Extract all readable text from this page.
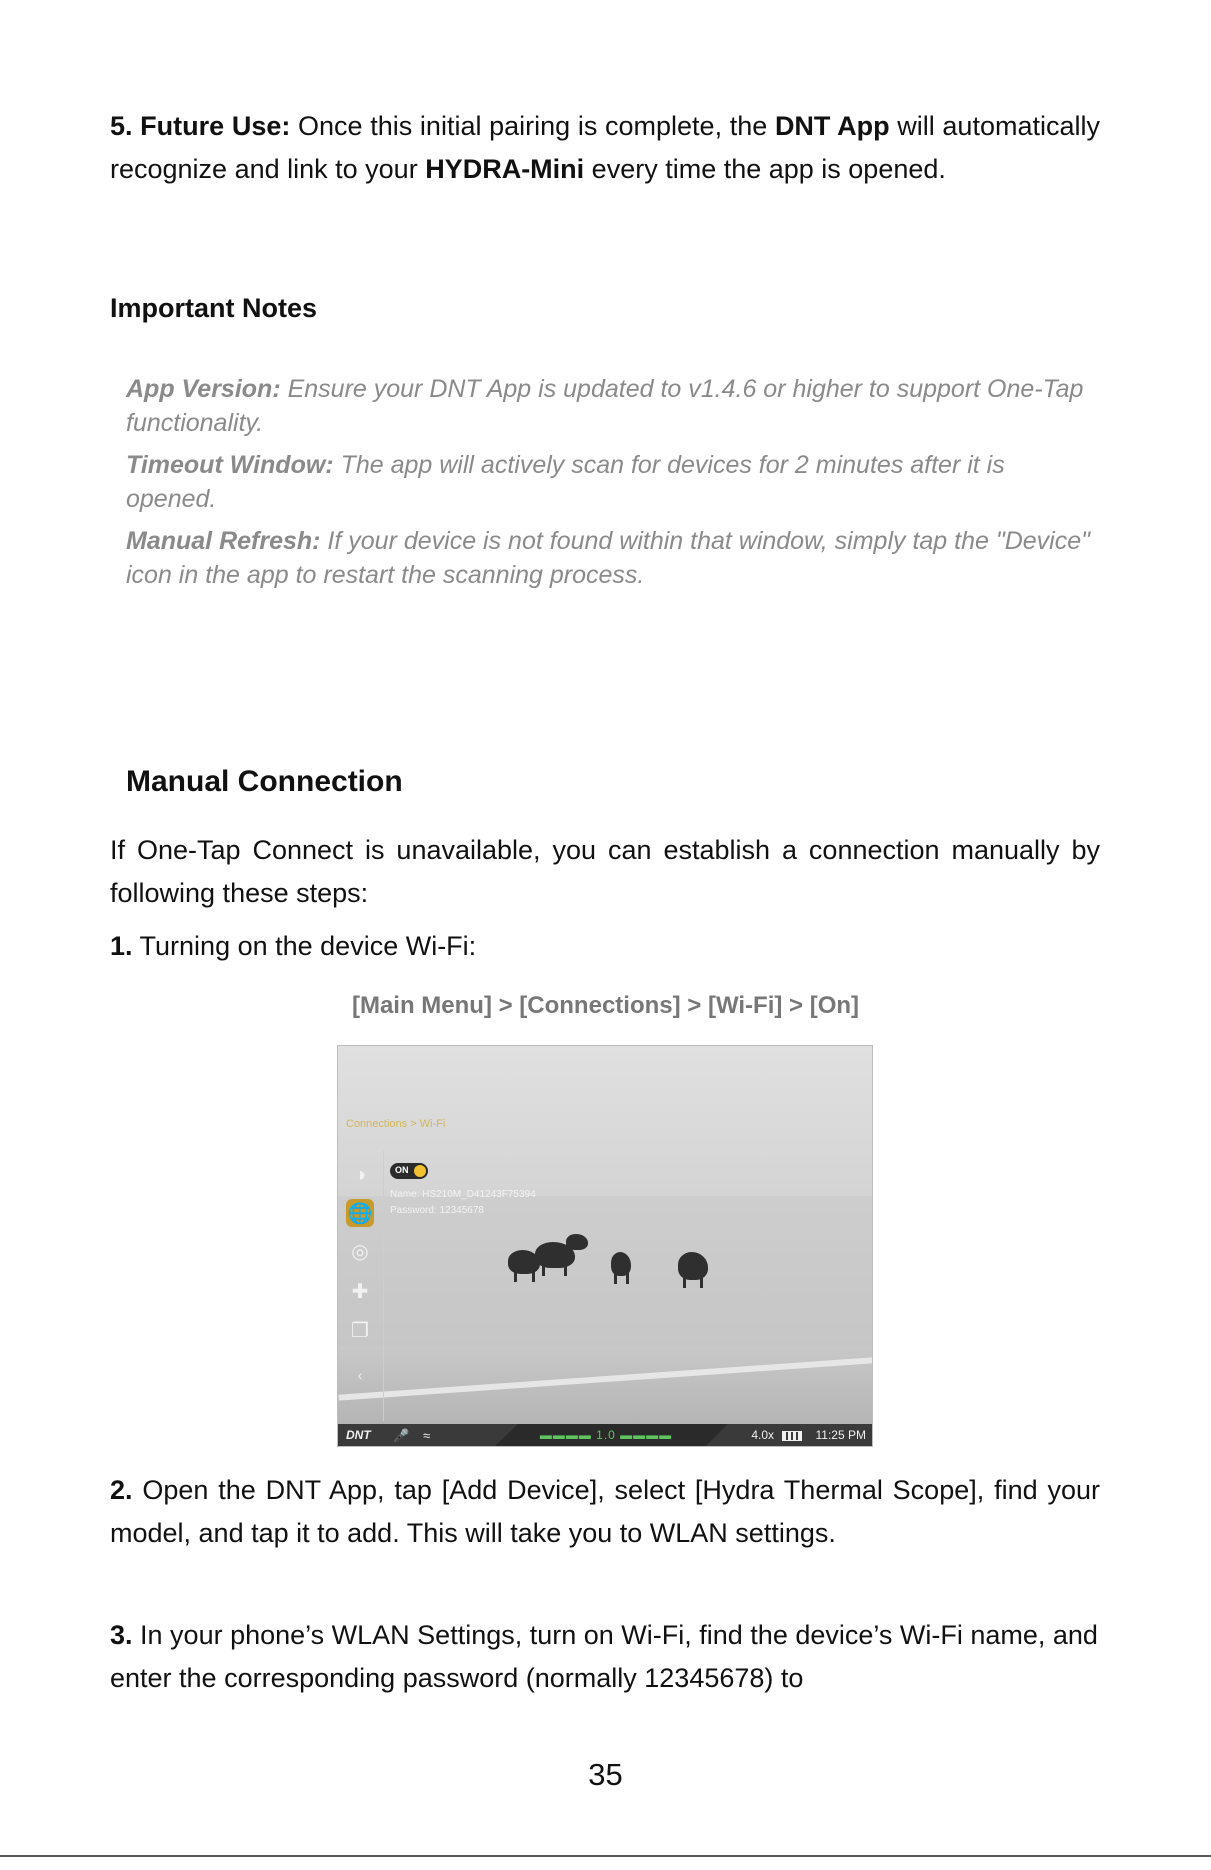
5. Future Use: Once this initial pairing is complete, the DNT App will automatically recognize and link to your HYDRA-Mini every time the app is opened.

Important Notes

App Version: Ensure your DNT App is updated to v1.4.6 or higher to support One-Tap functionality.

Timeout Window: The app will actively scan for devices for 2 minutes after it is opened.

Manual Refresh: If your device is not found within that window, simply tap the "Device" icon in the app to restart the scanning process.

Manual Connection

If One-Tap Connect is unavailable, you can establish a connection manually by following these steps:

1. Turning on the device Wi-Fi:

[Main Menu] > [Connections] > [Wi-Fi] > [On]
Connections > Wi-Fi
◑
🌐
◎
✚
❐
‹
ON
Name: HS210M_D41243F75394
Password: 12345678
DNT 🎤 ≈	▬▬▬▬ 1.0 ▬▬▬▬	4.0x	11:25 PM

2. Open the DNT App, tap [Add Device], select [Hydra Thermal Scope], find your model, and tap it to add. This will take you to WLAN settings.

3. In your phone’s WLAN Settings, turn on Wi-Fi, find the device’s Wi-Fi name, and enter the corresponding password (normally 12345678) to

35
